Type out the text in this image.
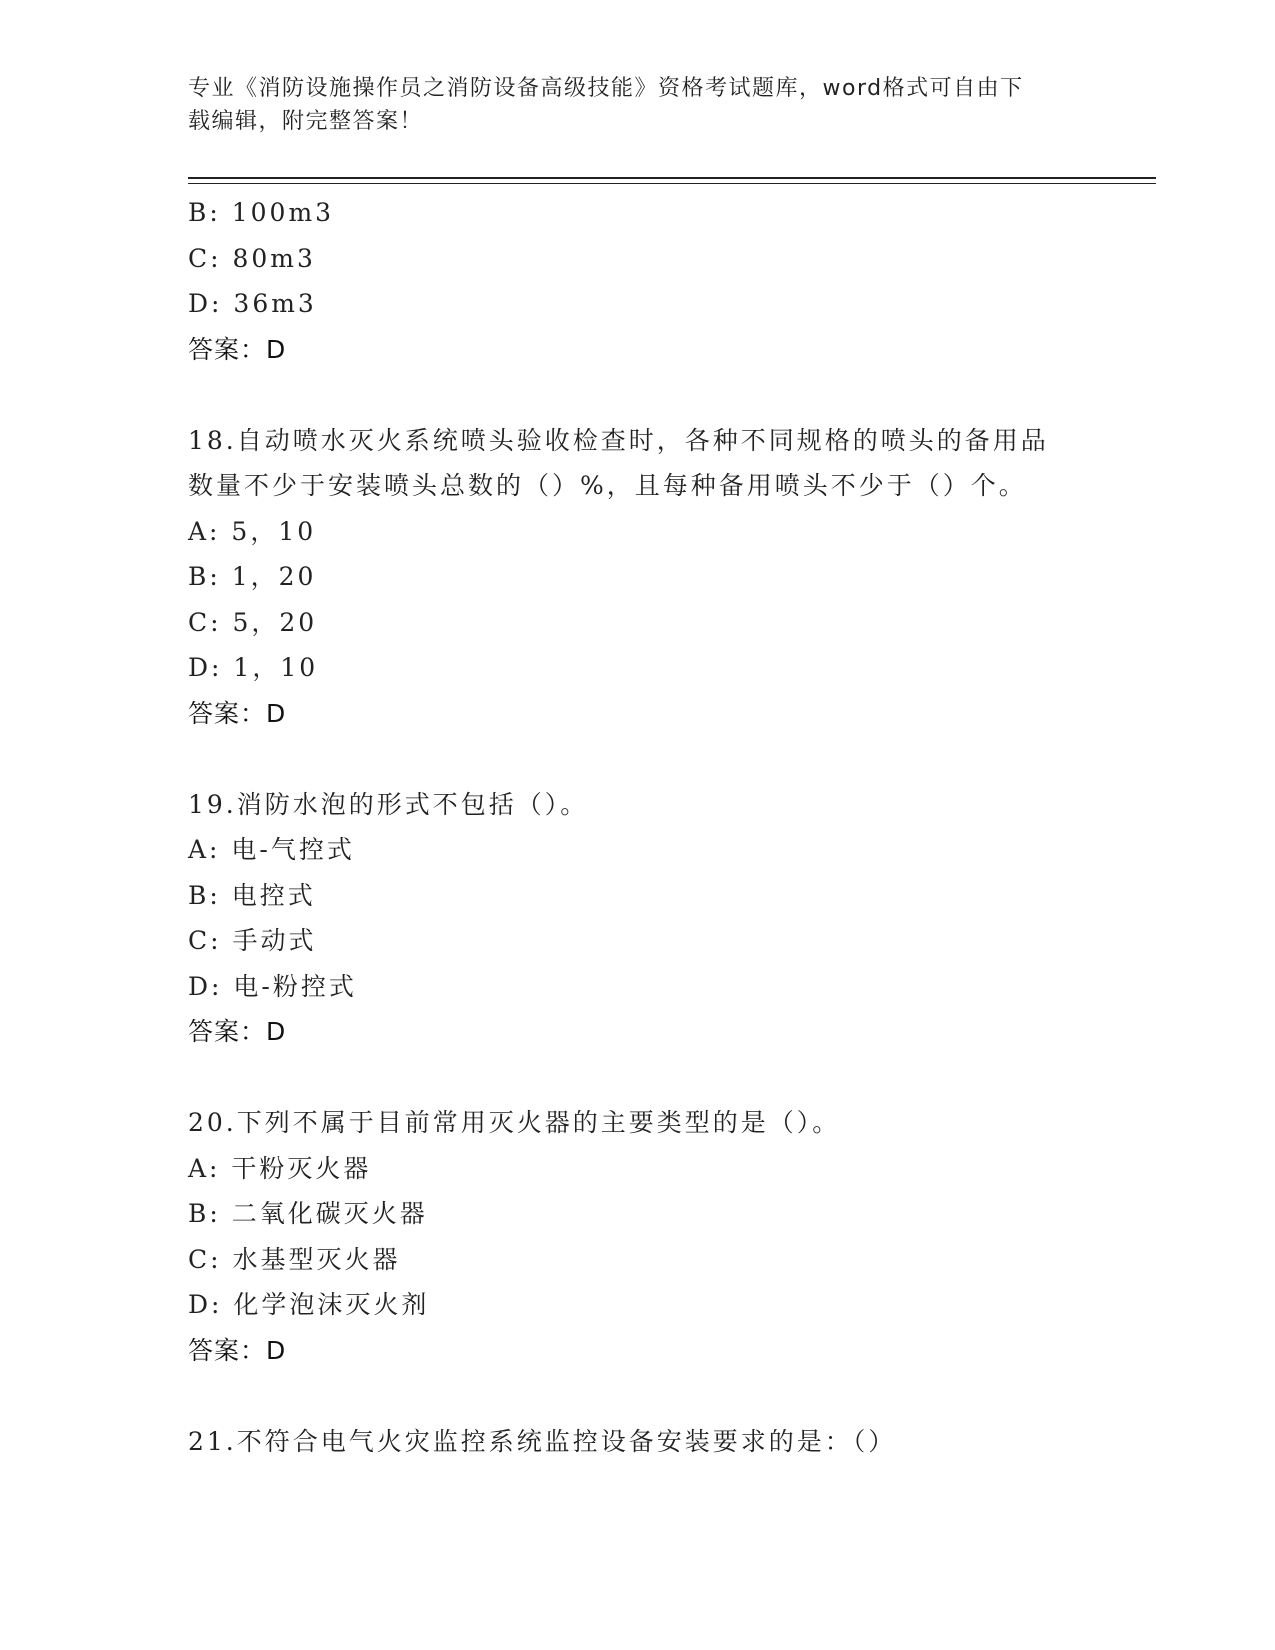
专业《消防设施操作员之消防设备高级技能》资格考试题库，word格式可自由下
载编辑，附完整答案！
B: 100m3
C: 80m3
D: 36m3
答案：D
18.自动喷水灭火系统喷头验收检查时，各种不同规格的喷头的备用品
数量不少于安装喷头总数的（）%，且每种备用喷头不少于（）个。
A: 5，10
B: 1，20
C: 5，20
D: 1，10
答案：D
19.消防水泡的形式不包括（）。
A: 电-气控式
B: 电控式
C: 手动式
D: 电-粉控式
答案：D
20.下列不属于目前常用灭火器的主要类型的是（）。
A: 干粉灭火器
B: 二氧化碳灭火器
C: 水基型灭火器
D: 化学泡沫灭火剂
答案：D
21.不符合电气火灾监控系统监控设备安装要求的是：（）
